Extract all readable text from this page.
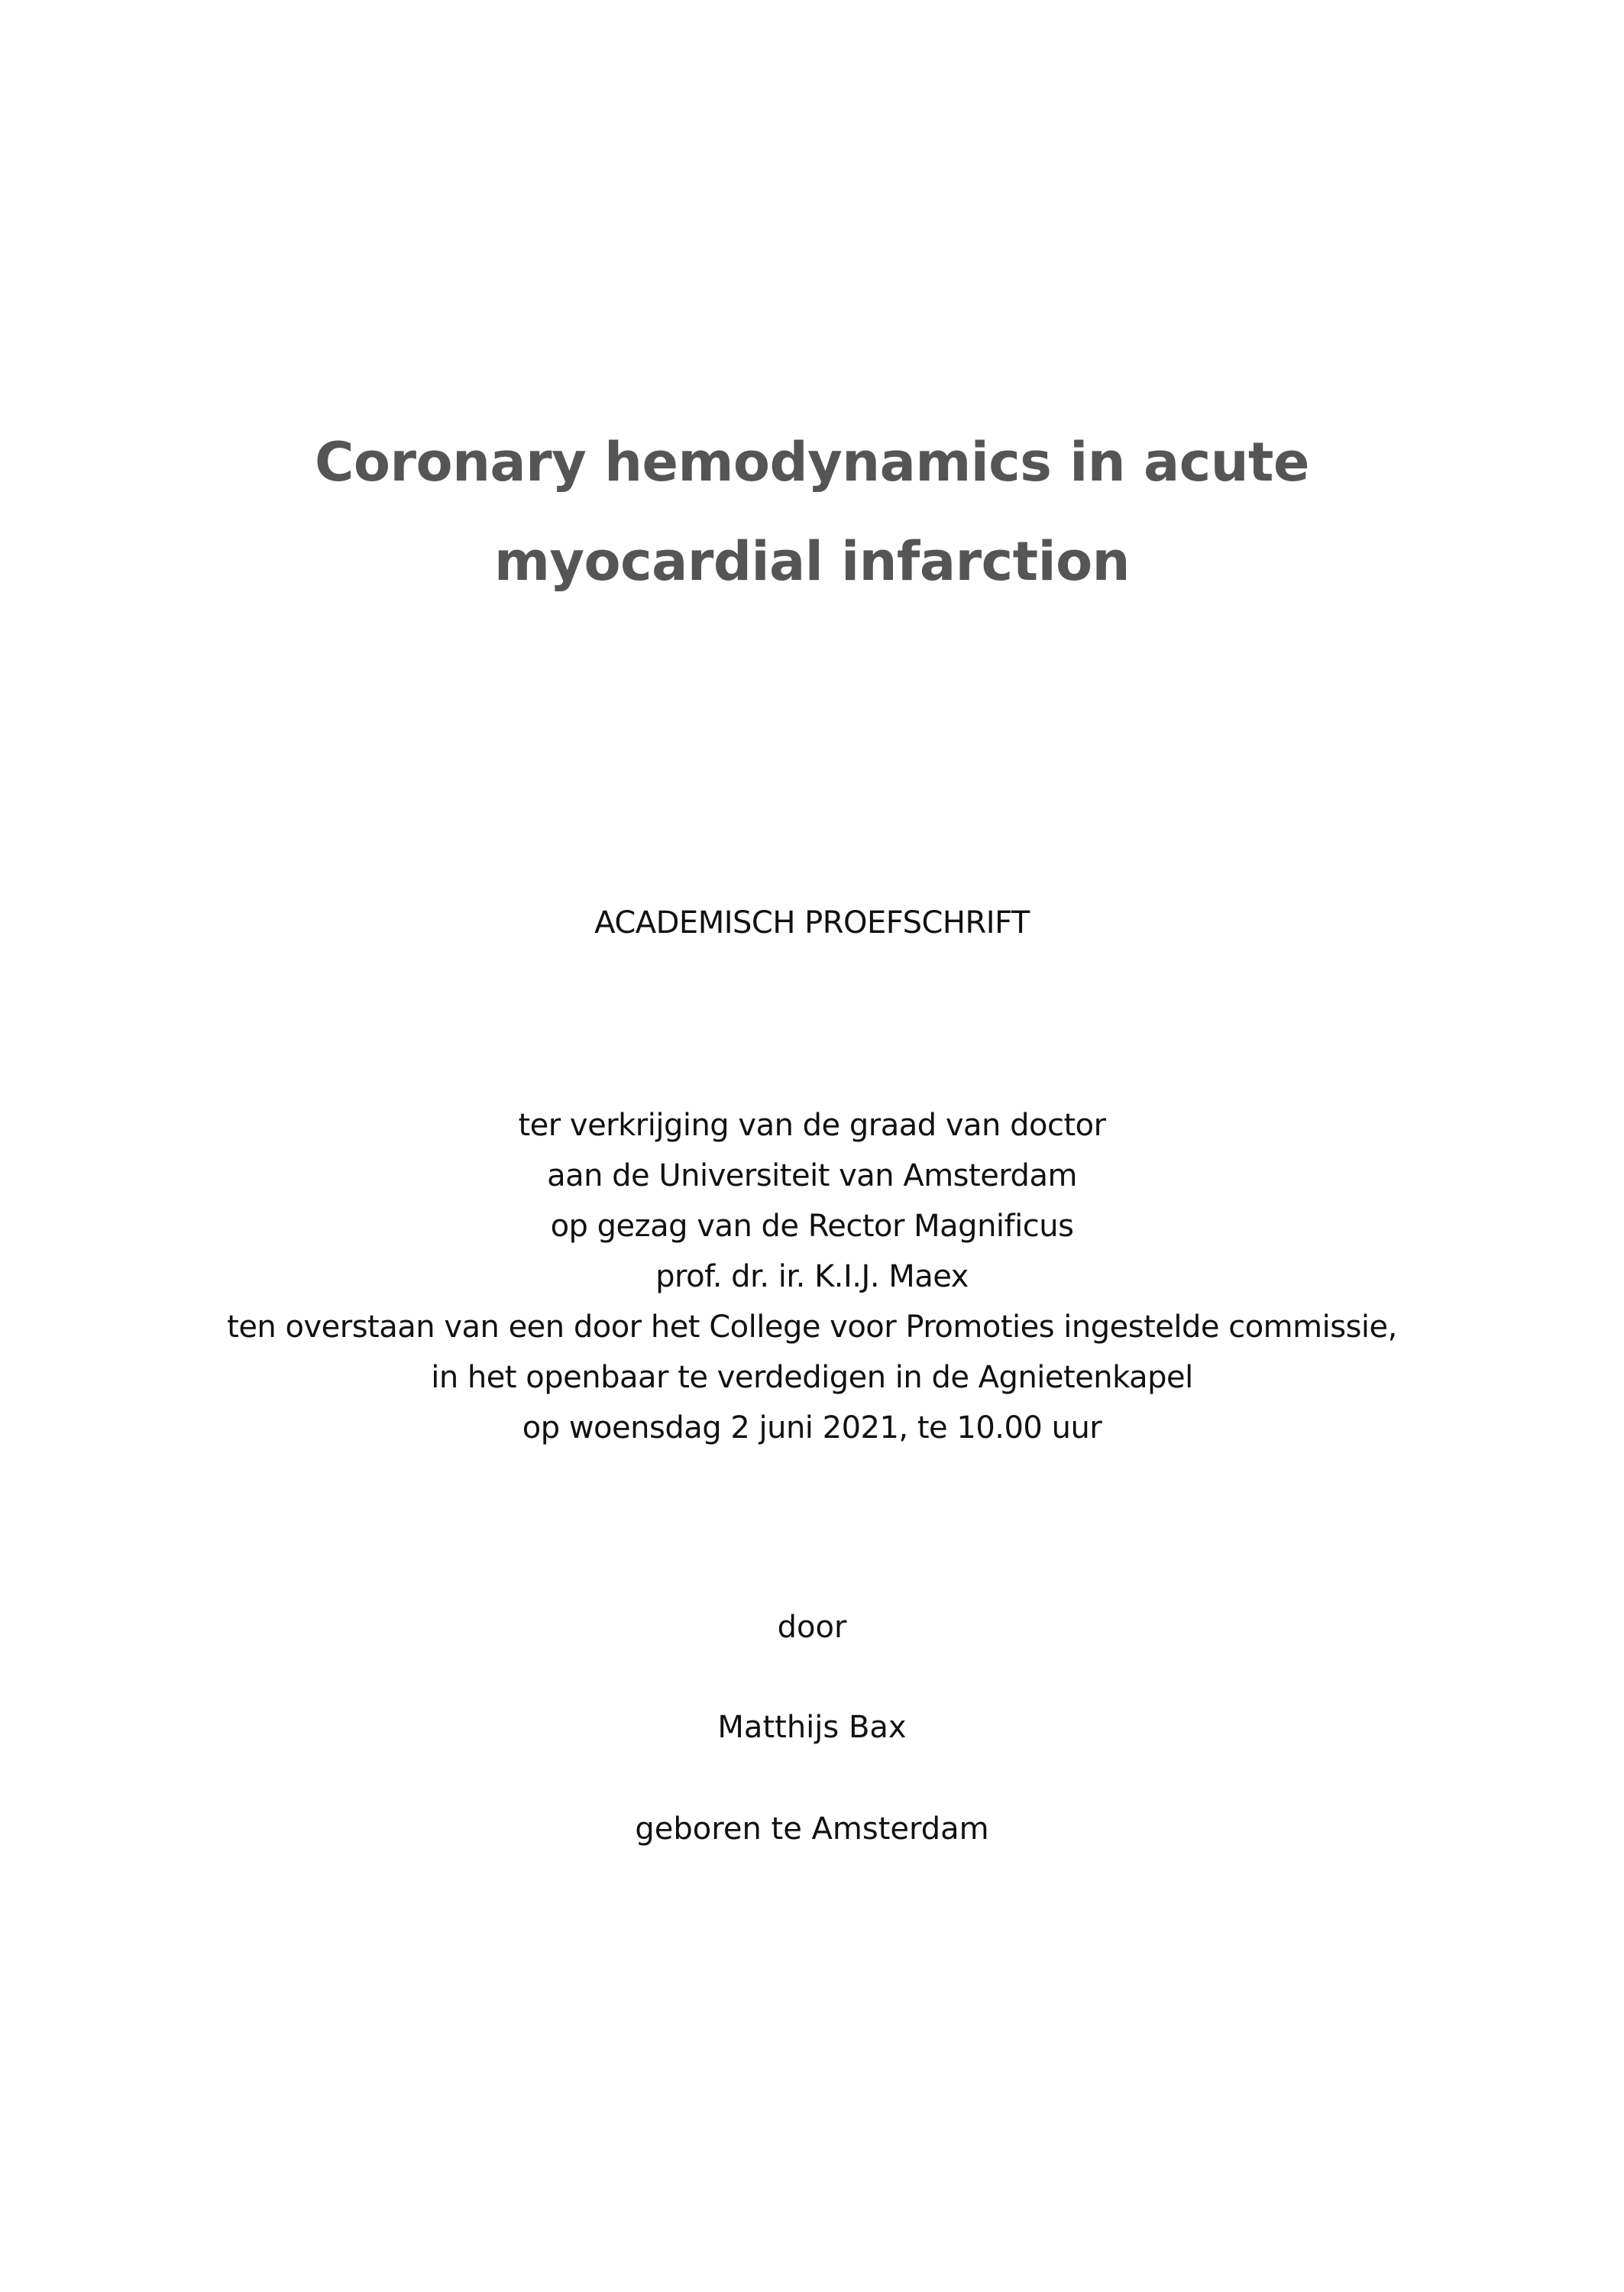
Coronary hemodynamics in acute
myocardial infarction
ACADEMISCH PROEFSCHRIFT
ter verkrijging van de graad van doctor
aan de Universiteit van Amsterdam
op gezag van de Rector Magnificus
prof. dr. ir. K.I.J. Maex
ten overstaan van een door het College voor Promoties ingestelde commissie,
in het openbaar te verdedigen in de Agnietenkapel
op woensdag 2 juni 2021, te 10.00 uur
door
Matthijs Bax
geboren te Amsterdam
